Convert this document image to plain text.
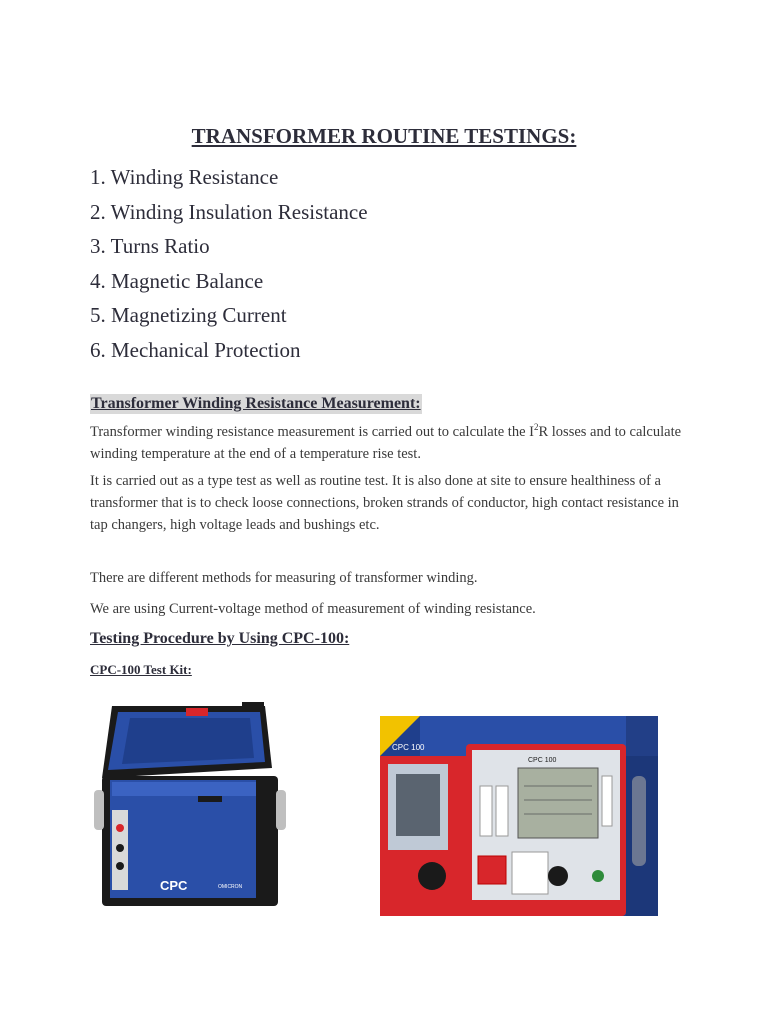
TRANSFORMER ROUTINE TESTINGS:
1. Winding Resistance
2. Winding Insulation Resistance
3. Turns Ratio
4. Magnetic Balance
5. Magnetizing Current
6. Mechanical Protection
Transformer Winding Resistance Measurement:

Transformer winding resistance measurement is carried out to calculate the $I^2R$ losses and to calculate winding temperature at the end of a temperature rise test.

It is carried out as a type test as well as routine test. It is also done at site to ensure healthiness of a transformer that is to check loose connections, broken strands of conductor, high contact resistance in tap changers, high voltage leads and bushings etc.

There are different methods for measuring of transformer winding.

We are using Current-voltage method of measurement of winding resistance.

Testing Procedure by Using CPC-100:
CPC-100 Test Kit:
CPC	OMICRON
CPC 100
CPC 100
